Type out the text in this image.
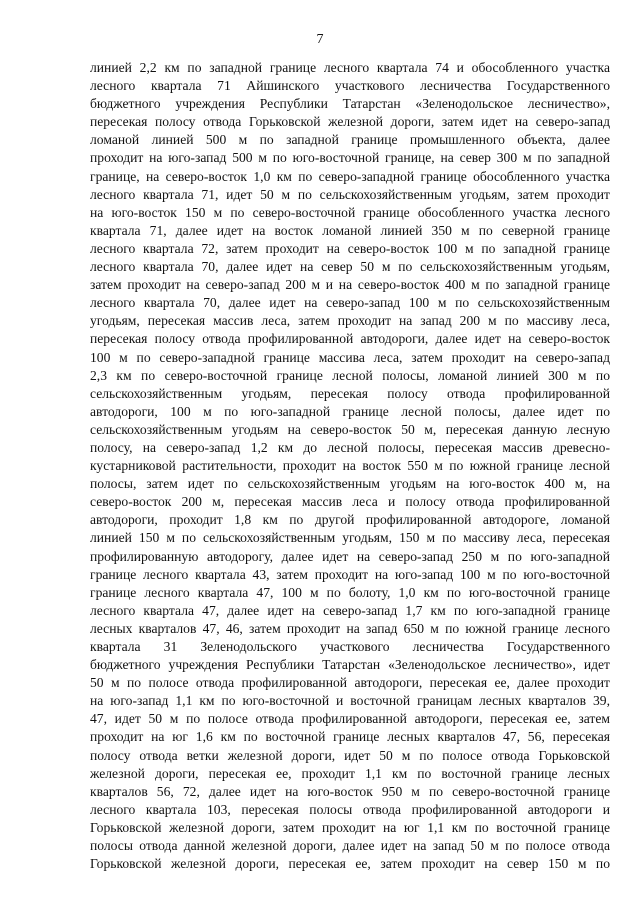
7
линией 2,2 км по западной границе лесного квартала 74 и обособленного участка
лесного квартала 71 Айшинского участкового лесничества Государственного
бюджетного учреждения Республики Татарстан «Зеленодольское лесничество»,
пересекая полосу отвода Горьковской железной дороги, затем идет на северо-запад
ломаной линией 500 м по западной границе промышленного объекта, далее
проходит на юго-запад 500 м по юго-восточной границе, на север 300 м по западной
границе, на северо-восток 1,0 км по северо-западной границе обособленного участка
лесного квартала 71, идет 50 м по сельскохозяйственным угодьям, затем проходит
на юго-восток 150 м по северо-восточной границе обособленного участка лесного
квартала 71, далее идет на восток ломаной линией 350 м по северной границе
лесного квартала 72, затем проходит на северо-восток 100 м по западной границе
лесного квартала 70, далее идет на север 50 м по сельскохозяйственным угодьям,
затем проходит на северо-запад 200 м и на северо-восток 400 м по западной границе
лесного квартала 70, далее идет на северо-запад 100 м по сельскохозяйственным
угодьям, пересекая массив леса, затем проходит на запад 200 м по массиву леса,
пересекая полосу отвода профилированной автодороги, далее идет на северо-восток
100 м по северо-западной границе массива леса, затем проходит на северо-запад
2,3 км по северо-восточной границе лесной полосы, ломаной линией 300 м по
сельскохозяйственным угодьям, пересекая полосу отвода профилированной
автодороги, 100 м по юго-западной границе лесной полосы, далее идет по
сельскохозяйственным угодьям на северо-восток 50 м, пересекая данную лесную
полосу, на северо-запад 1,2 км до лесной полосы, пересекая массив древесно-
кустарниковой растительности, проходит на восток 550 м по южной границе лесной
полосы, затем идет по сельскохозяйственным угодьям на юго-восток 400 м, на
северо-восток 200 м, пересекая массив леса и полосу отвода профилированной
автодороги, проходит 1,8 км по другой профилированной автодороге, ломаной
линией 150 м по сельскохозяйственным угодьям, 150 м по массиву леса, пересекая
профилированную автодорогу, далее идет на северо-запад 250 м по юго-западной
границе лесного квартала 43, затем проходит на юго-запад 100 м по юго-восточной
границе лесного квартала 47, 100 м по болоту, 1,0 км по юго-восточной границе
лесного квартала 47, далее идет на северо-запад 1,7 км по юго-западной границе
лесных кварталов 47, 46, затем проходит на запад 650 м по южной границе лесного
квартала 31 Зеленодольского участкового лесничества Государственного
бюджетного учреждения Республики Татарстан «Зеленодольское лесничество», идет
50 м по полосе отвода профилированной автодороги, пересекая ее, далее проходит
на юго-запад 1,1 км по юго-восточной и восточной границам лесных кварталов 39,
47, идет 50 м по полосе отвода профилированной автодороги, пересекая ее, затем
проходит на юг 1,6 км по восточной границе лесных кварталов 47, 56, пересекая
полосу отвода ветки железной дороги, идет 50 м по полосе отвода Горьковской
железной дороги, пересекая ее, проходит 1,1 км по восточной границе лесных
кварталов 56, 72, далее идет на юго-восток 950 м по северо-восточной границе
лесного квартала 103, пересекая полосы отвода профилированной автодороги и
Горьковской железной дороги, затем проходит на юг 1,1 км по восточной границе
полосы отвода данной железной дороги, далее идет на запад 50 м по полосе отвода
Горьковской железной дороги, пересекая ее, затем проходит на север 150 м по
